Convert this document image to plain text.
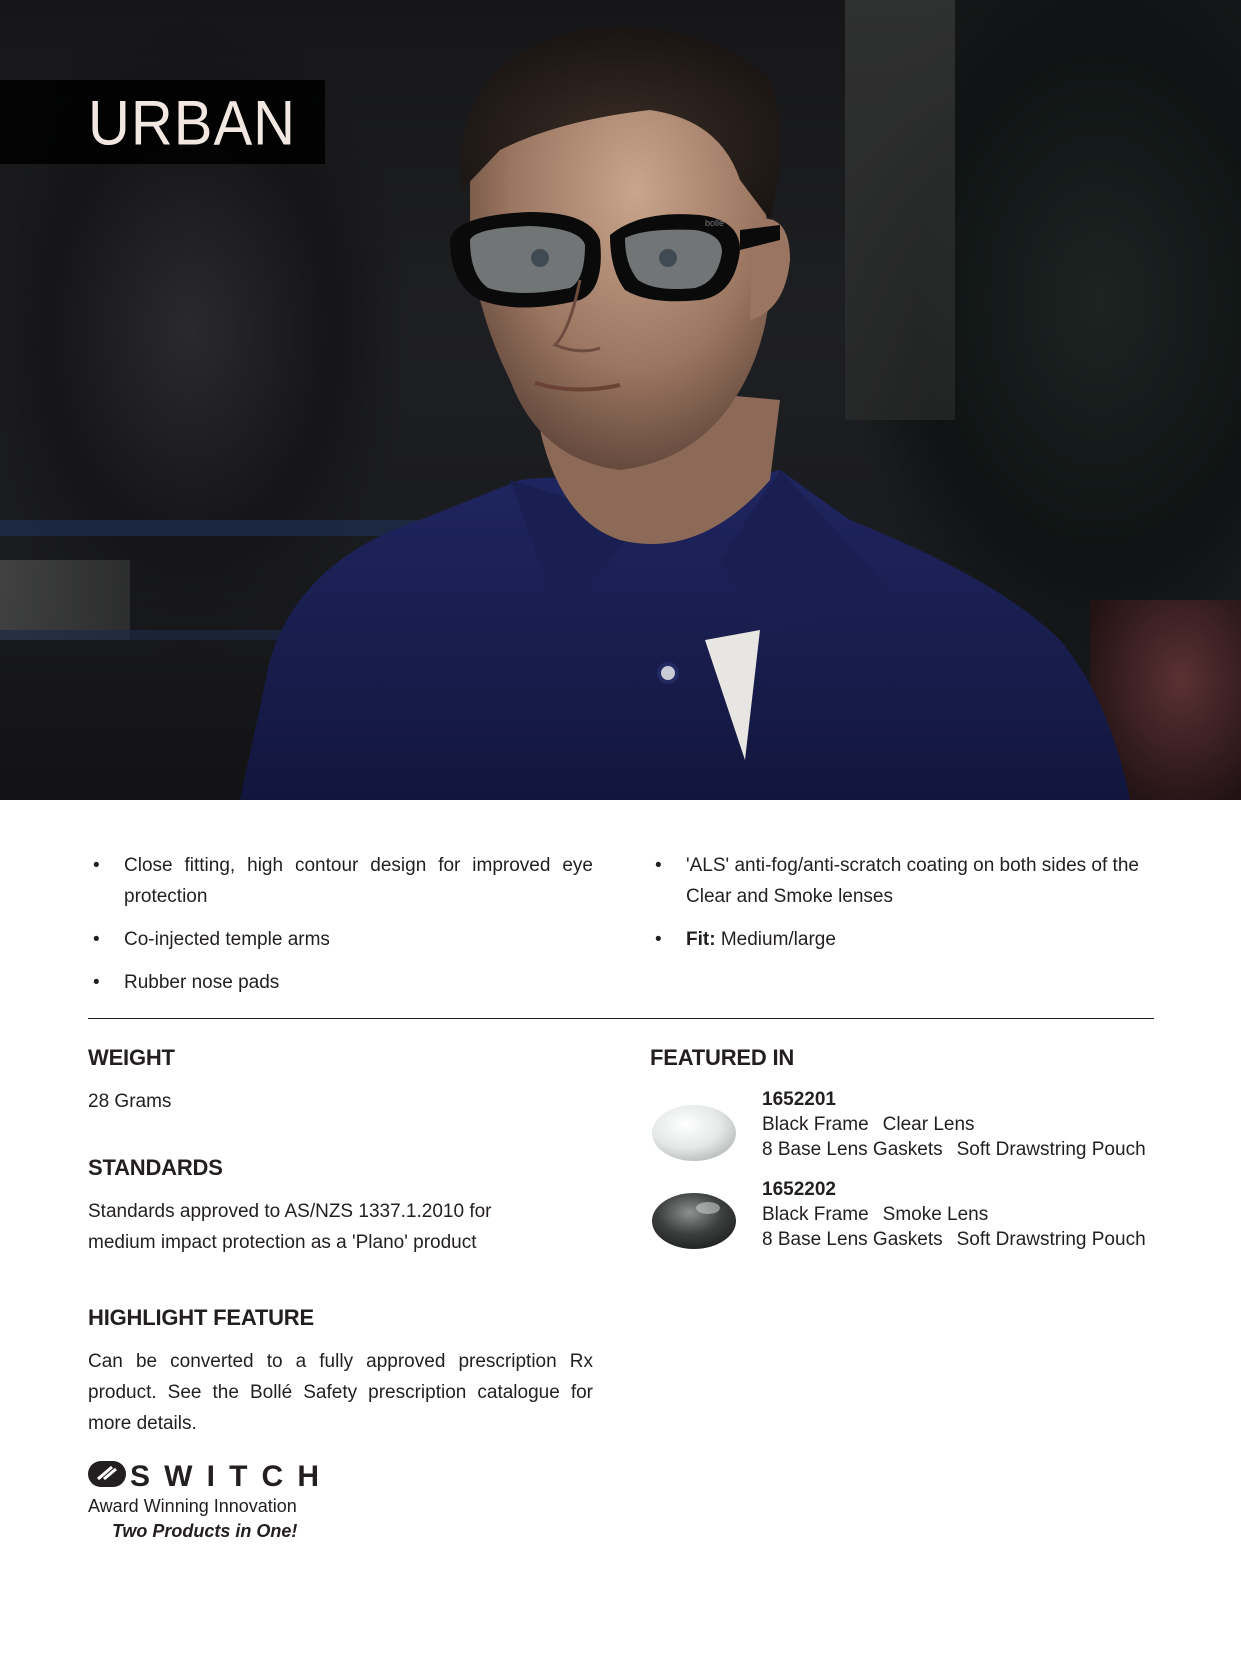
bollé
URBAN
• Close fitting, high contour design for improved eye protection
• Co-injected temple arms
• Rubber nose pads
• 'ALS' anti-fog/anti-scratch coating on both sides of the Clear and Smoke lenses
• Fit: Medium/large
WEIGHT

28 Grams

STANDARDS

Standards approved to AS/NZS 1337.1.2010 for medium impact protection as a 'Plano' product

HIGHLIGHT FEATURE

Can be converted to a fully approved prescription Rx product. See the Bollé Safety prescription catalogue for more details.

SWITCH
Award Winning Innovation
Two Products in One!
FEATURED IN
1652201
Black Frame Clear Lens
8 Base Lens Gaskets Soft Drawstring Pouch
1652202
Black Frame Smoke Lens
8 Base Lens Gaskets Soft Drawstring Pouch
